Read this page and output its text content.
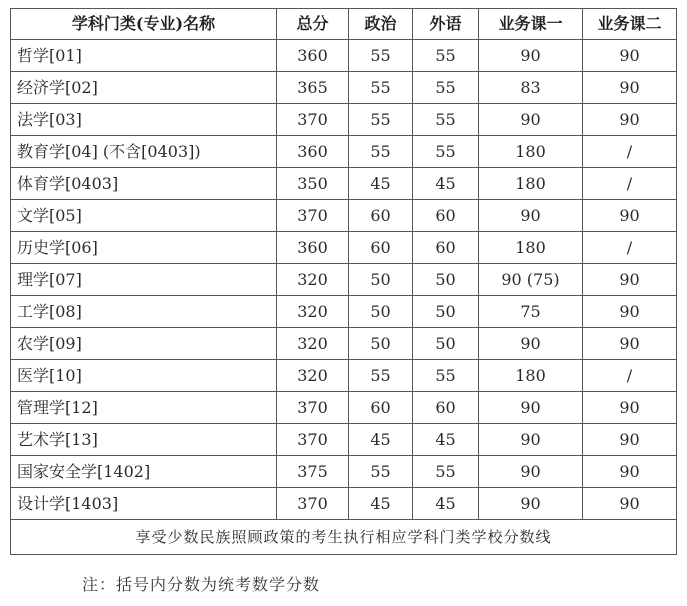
学科门类(专业)名称	总分	政治	外语	业务课一	业务课二
哲学[01]	360	55	55	90	90
经济学[02]	365	55	55	83	90
法学[03]	370	55	55	90	90
教育学[04] (不含[0403])	360	55	55	180	/
体育学[0403]	350	45	45	180	/
文学[05]	370	60	60	90	90
历史学[06]	360	60	60	180	/
理学[07]	320	50	50	90 (75)	90
工学[08]	320	50	50	75	90
农学[09]	320	50	50	90	90
医学[10]	320	55	55	180	/
管理学[12]	370	60	60	90	90
艺术学[13]	370	45	45	90	90
国家安全学[1402]	375	55	55	90	90
设计学[1403]	370	45	45	90	90
享受少数民族照顾政策的考生执行相应学科门类学校分数线					
注：括号内分数为统考数学分数
